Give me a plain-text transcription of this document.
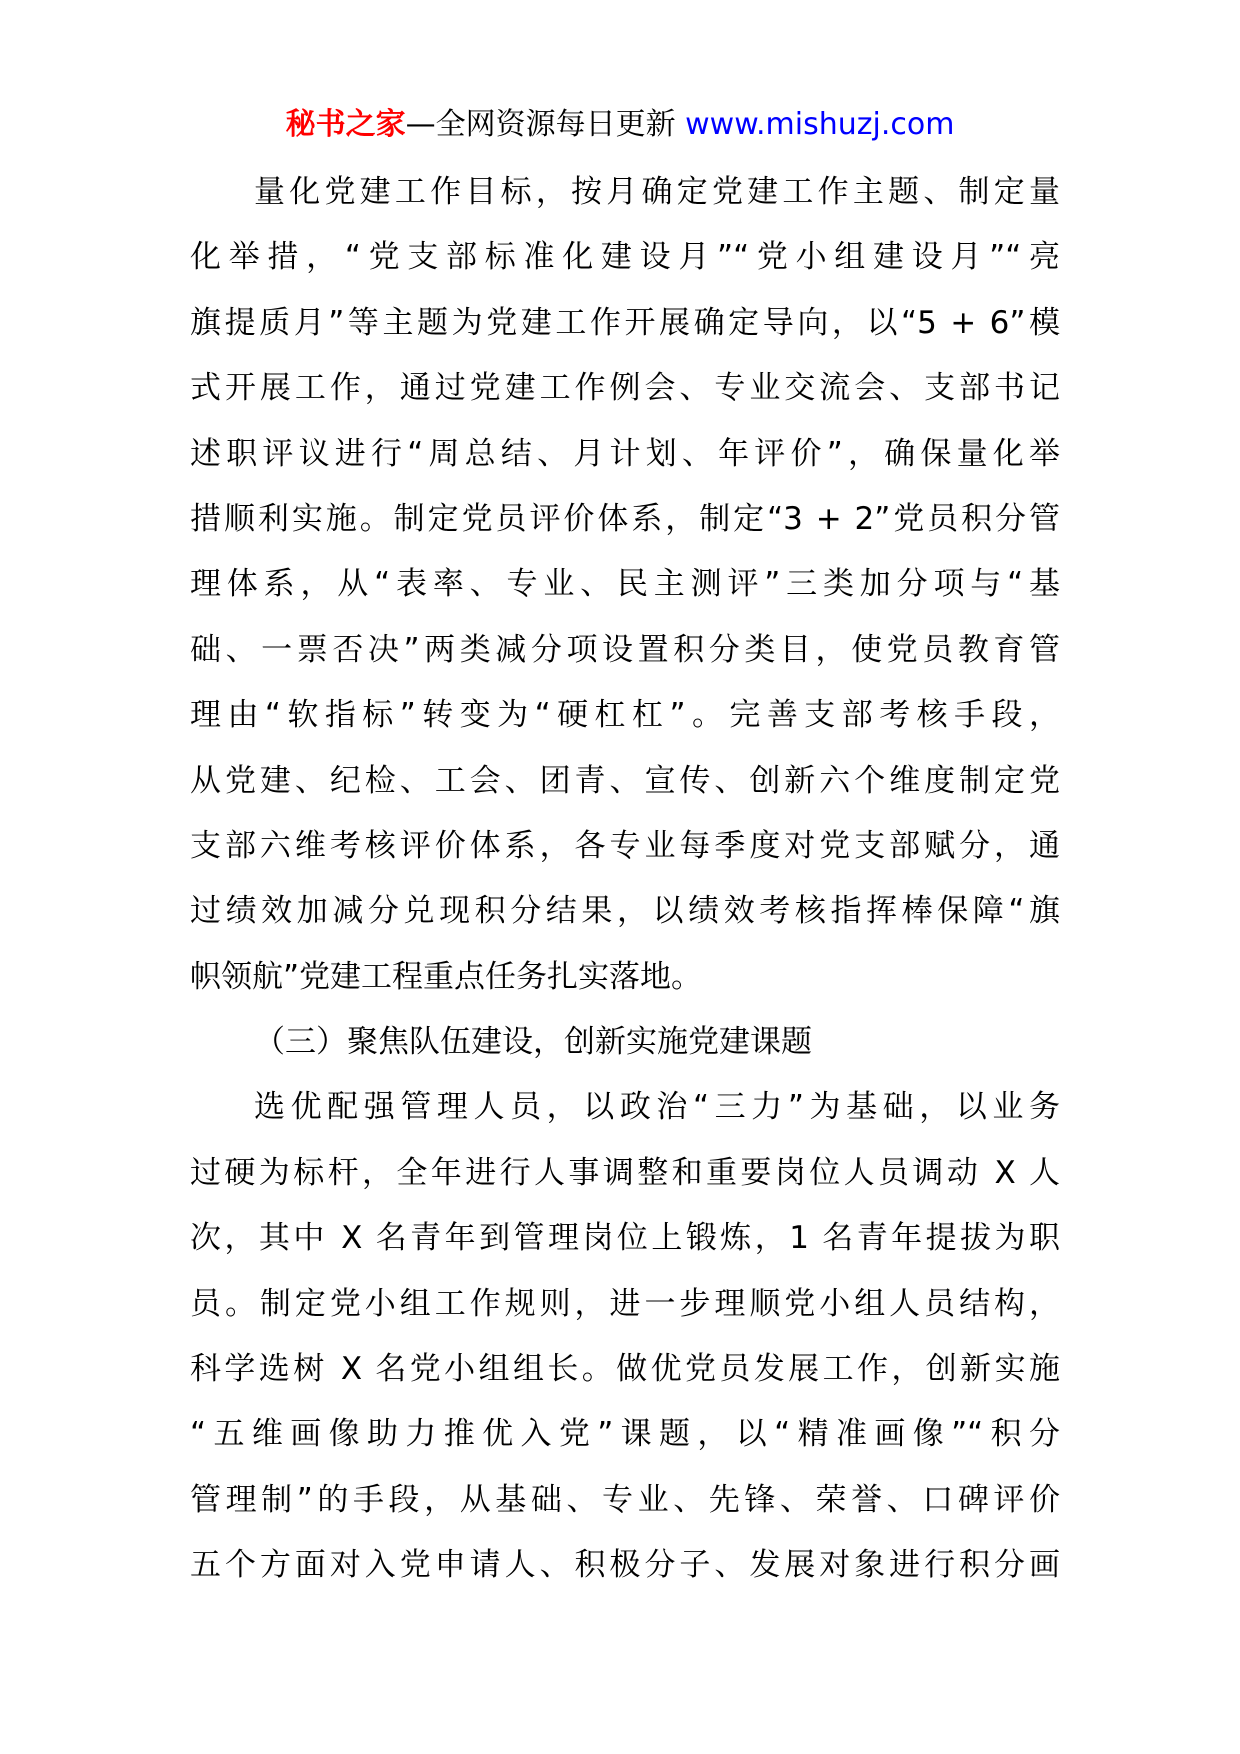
秘书之家—全网资源每日更新 www.mishuzj.com
量化党建工作目标，按月确定党建工作主题、制定量
化举措，“党支部标准化建设月”“党小组建设月”“亮
旗提质月”等主题为党建工作开展确定导向，以“5 + 6”模
式开展工作，通过党建工作例会、专业交流会、支部书记
述职评议进行“周总结、月计划、年评价”，确保量化举
措顺利实施。制定党员评价体系，制定“3 + 2”党员积分管
理体系，从“表率、专业、民主测评”三类加分项与“基
础、一票否决”两类减分项设置积分类目，使党员教育管
理由“软指标”转变为“硬杠杠”。完善支部考核手段，
从党建、纪检、工会、团青、宣传、创新六个维度制定党
支部六维考核评价体系，各专业每季度对党支部赋分，通
过绩效加减分兑现积分结果，以绩效考核指挥棒保障“旗
帜领航”党建工程重点任务扎实落地。
（三）聚焦队伍建设，创新实施党建课题
选优配强管理人员，以政治“三力”为基础，以业务
过硬为标杆，全年进行人事调整和重要岗位人员调动 X 人
次，其中 X 名青年到管理岗位上锻炼，1 名青年提拔为职
员。制定党小组工作规则，进一步理顺党小组人员结构，
科学选树 X 名党小组组长。做优党员发展工作，创新实施
“五维画像助力推优入党”课题，以“精准画像”“积分
管理制”的手段，从基础、专业、先锋、荣誉、口碑评价
五个方面对入党申请人、积极分子、发展对象进行积分画
